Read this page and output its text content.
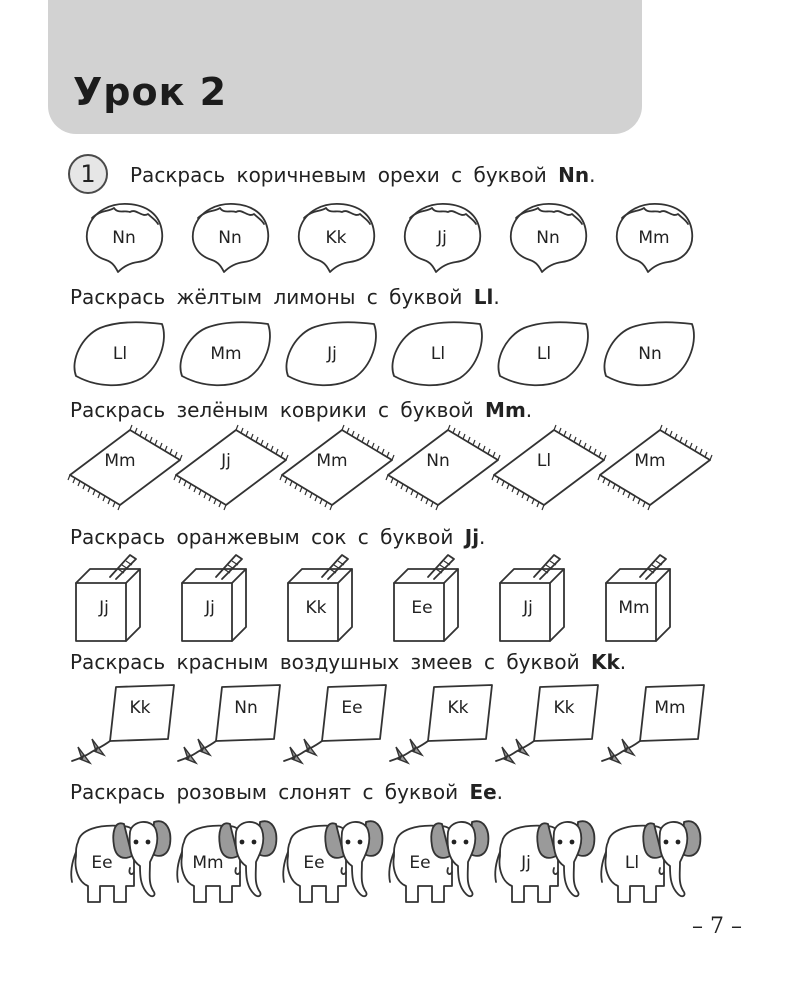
Урок 2
1	Раскрась коричневым орехи с буквой Nn.

Nn	Nn	Kk	Jj	Nn	Mm

Раскрась жёлтым лимоны с буквой Ll.

Ll	Mm	Jj	Ll	Ll	Nn

Раскрась зелёным коврики с буквой Mm.

Mm	Jj	Mm	Nn	Ll	Mm

Раскрась оранжевым сок с буквой Jj.

Jj	Jj	Kk	Ee	Jj	Mm

Раскрась красным воздушных змеев с буквой Kk.

Kk	Nn	Ee	Kk	Kk	Mm

Раскрась розовым слонят с буквой Ee.

Ee	Mm	Ee	Ee	Jj	Ll
– 7 –
